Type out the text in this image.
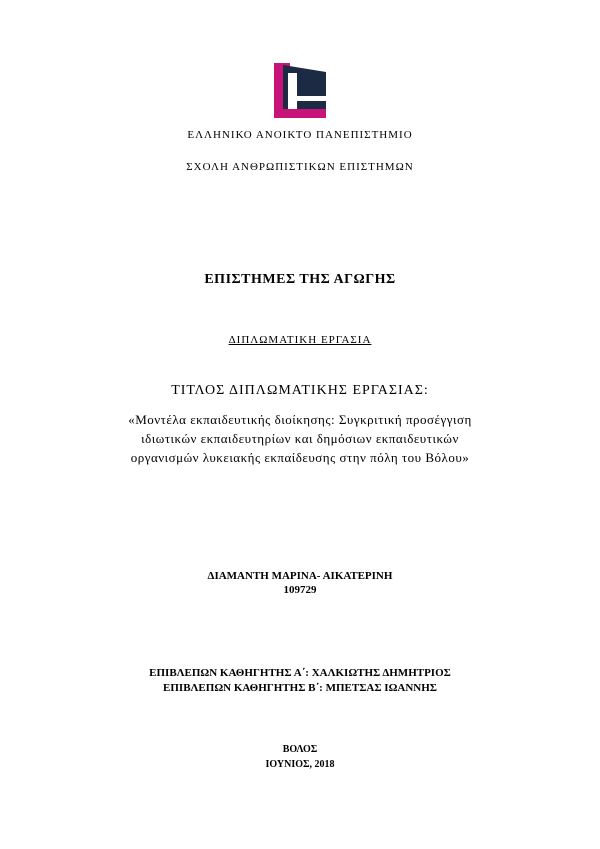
ΕΛΛΗΝΙΚΟ ΑΝΟΙΚΤΟ ΠΑΝΕΠΙΣΤΗΜΙΟ
ΣΧΟΛΗ ΑΝΘΡΩΠΙΣΤΙΚΩΝ ΕΠΙΣΤΗΜΩΝ
ΕΠΙΣΤΗΜΕΣ ΤΗΣ ΑΓΩΓΗΣ
ΔΙΠΛΩΜΑΤΙΚΗ ΕΡΓΑΣΙΑ
ΤΙΤΛΟΣ ΔΙΠΛΩΜΑΤΙΚΗΣ ΕΡΓΑΣΙΑΣ:
«Μοντέλα εκπαιδευτικής διοίκησης: Συγκριτική προσέγγιση
ιδιωτικών εκπαιδευτηρίων και δημόσιων εκπαιδευτικών
οργανισμών λυκειακής εκπαίδευσης στην πόλη του Βόλου»
ΔΙΑΜΑΝΤΗ ΜΑΡΙΝΑ- ΑΙΚΑΤΕΡΙΝΗ
109729
ΕΠΙΒΛΕΠΩΝ ΚΑΘΗΓΗΤΗΣ Α΄: ΧΑΛΚΙΩΤΗΣ ΔΗΜΗΤΡΙΟΣ
ΕΠΙΒΛΕΠΩΝ ΚΑΘΗΓΗΤΗΣ Β΄: ΜΠΕΤΣΑΣ ΙΩΑΝΝΗΣ
ΒΟΛΟΣ
ΙΟΥΝΙΟΣ, 2018
